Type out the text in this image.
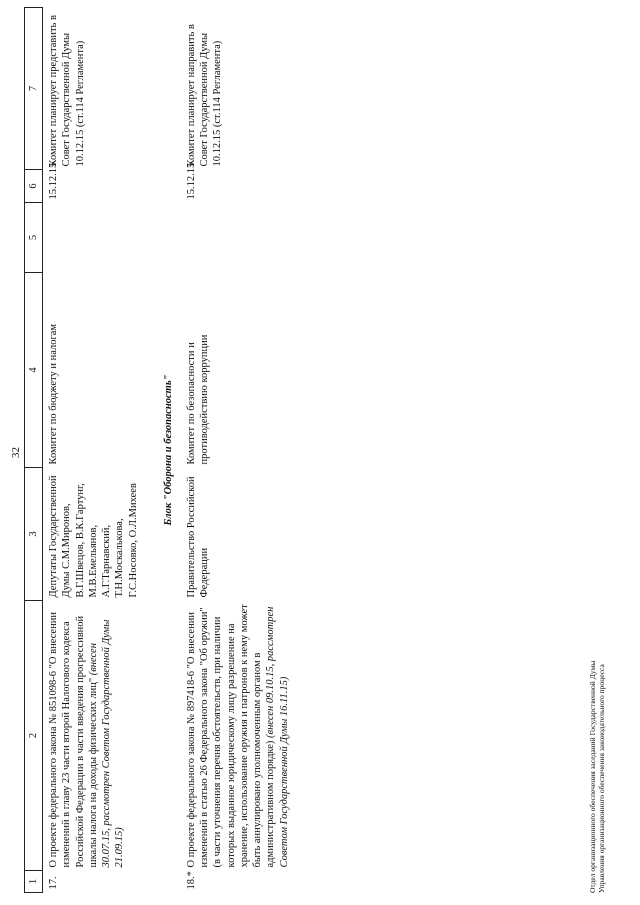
32
1	2	3	4	5	6	7
17.	О проекте федерального закона № 851098-6 "О внесении изменений в главу 23 части второй Налогового кодекса Российской Федерации в части введения прогрессивной шкалы налога на доходы физических лиц" (внесен 30.07.15, рассмотрен Советом Государственной Думы 21.09.15)	Депутаты Государственной Думы С.М.Миронов, В.Г.Швецов, В.К.Гартунг, М.В.Емельянов, А.Г.Тарнавский, Т.Н.Москалькова, Г.С.Носовко, О.Л.Михеев	Комитет по бюджету и налогам		15.12.15	Комитет планирует представить в Совет Государственной Думы 10.12.15 (ст.114 Регламента)
Блок "Оборона и безопасность"						
18.*	О проекте федерального закона № 897418-6 "О внесении изменений в статью 26 Федерального закона "Об оружии" (в части уточнения перечня обстоятельств, при наличии которых выданное юридическому лицу разрешение на хранение, использование оружия и патронов к нему может быть аннулировано уполномоченным органом в административном порядке) (внесен 09.10.15, рассмотрен Советом Государственной Думы 16.11.15)	Правительство Российской Федерации	Комитет по безопасности и противодействию коррупции		15.12.15	Комитет планирует направить в Совет Государственной Думы 10.12.15 (ст.114 Регламента)
Отдел организационного обеспечения заседаний Государственной Думы Управления организационного обеспечения законодательного процесса
